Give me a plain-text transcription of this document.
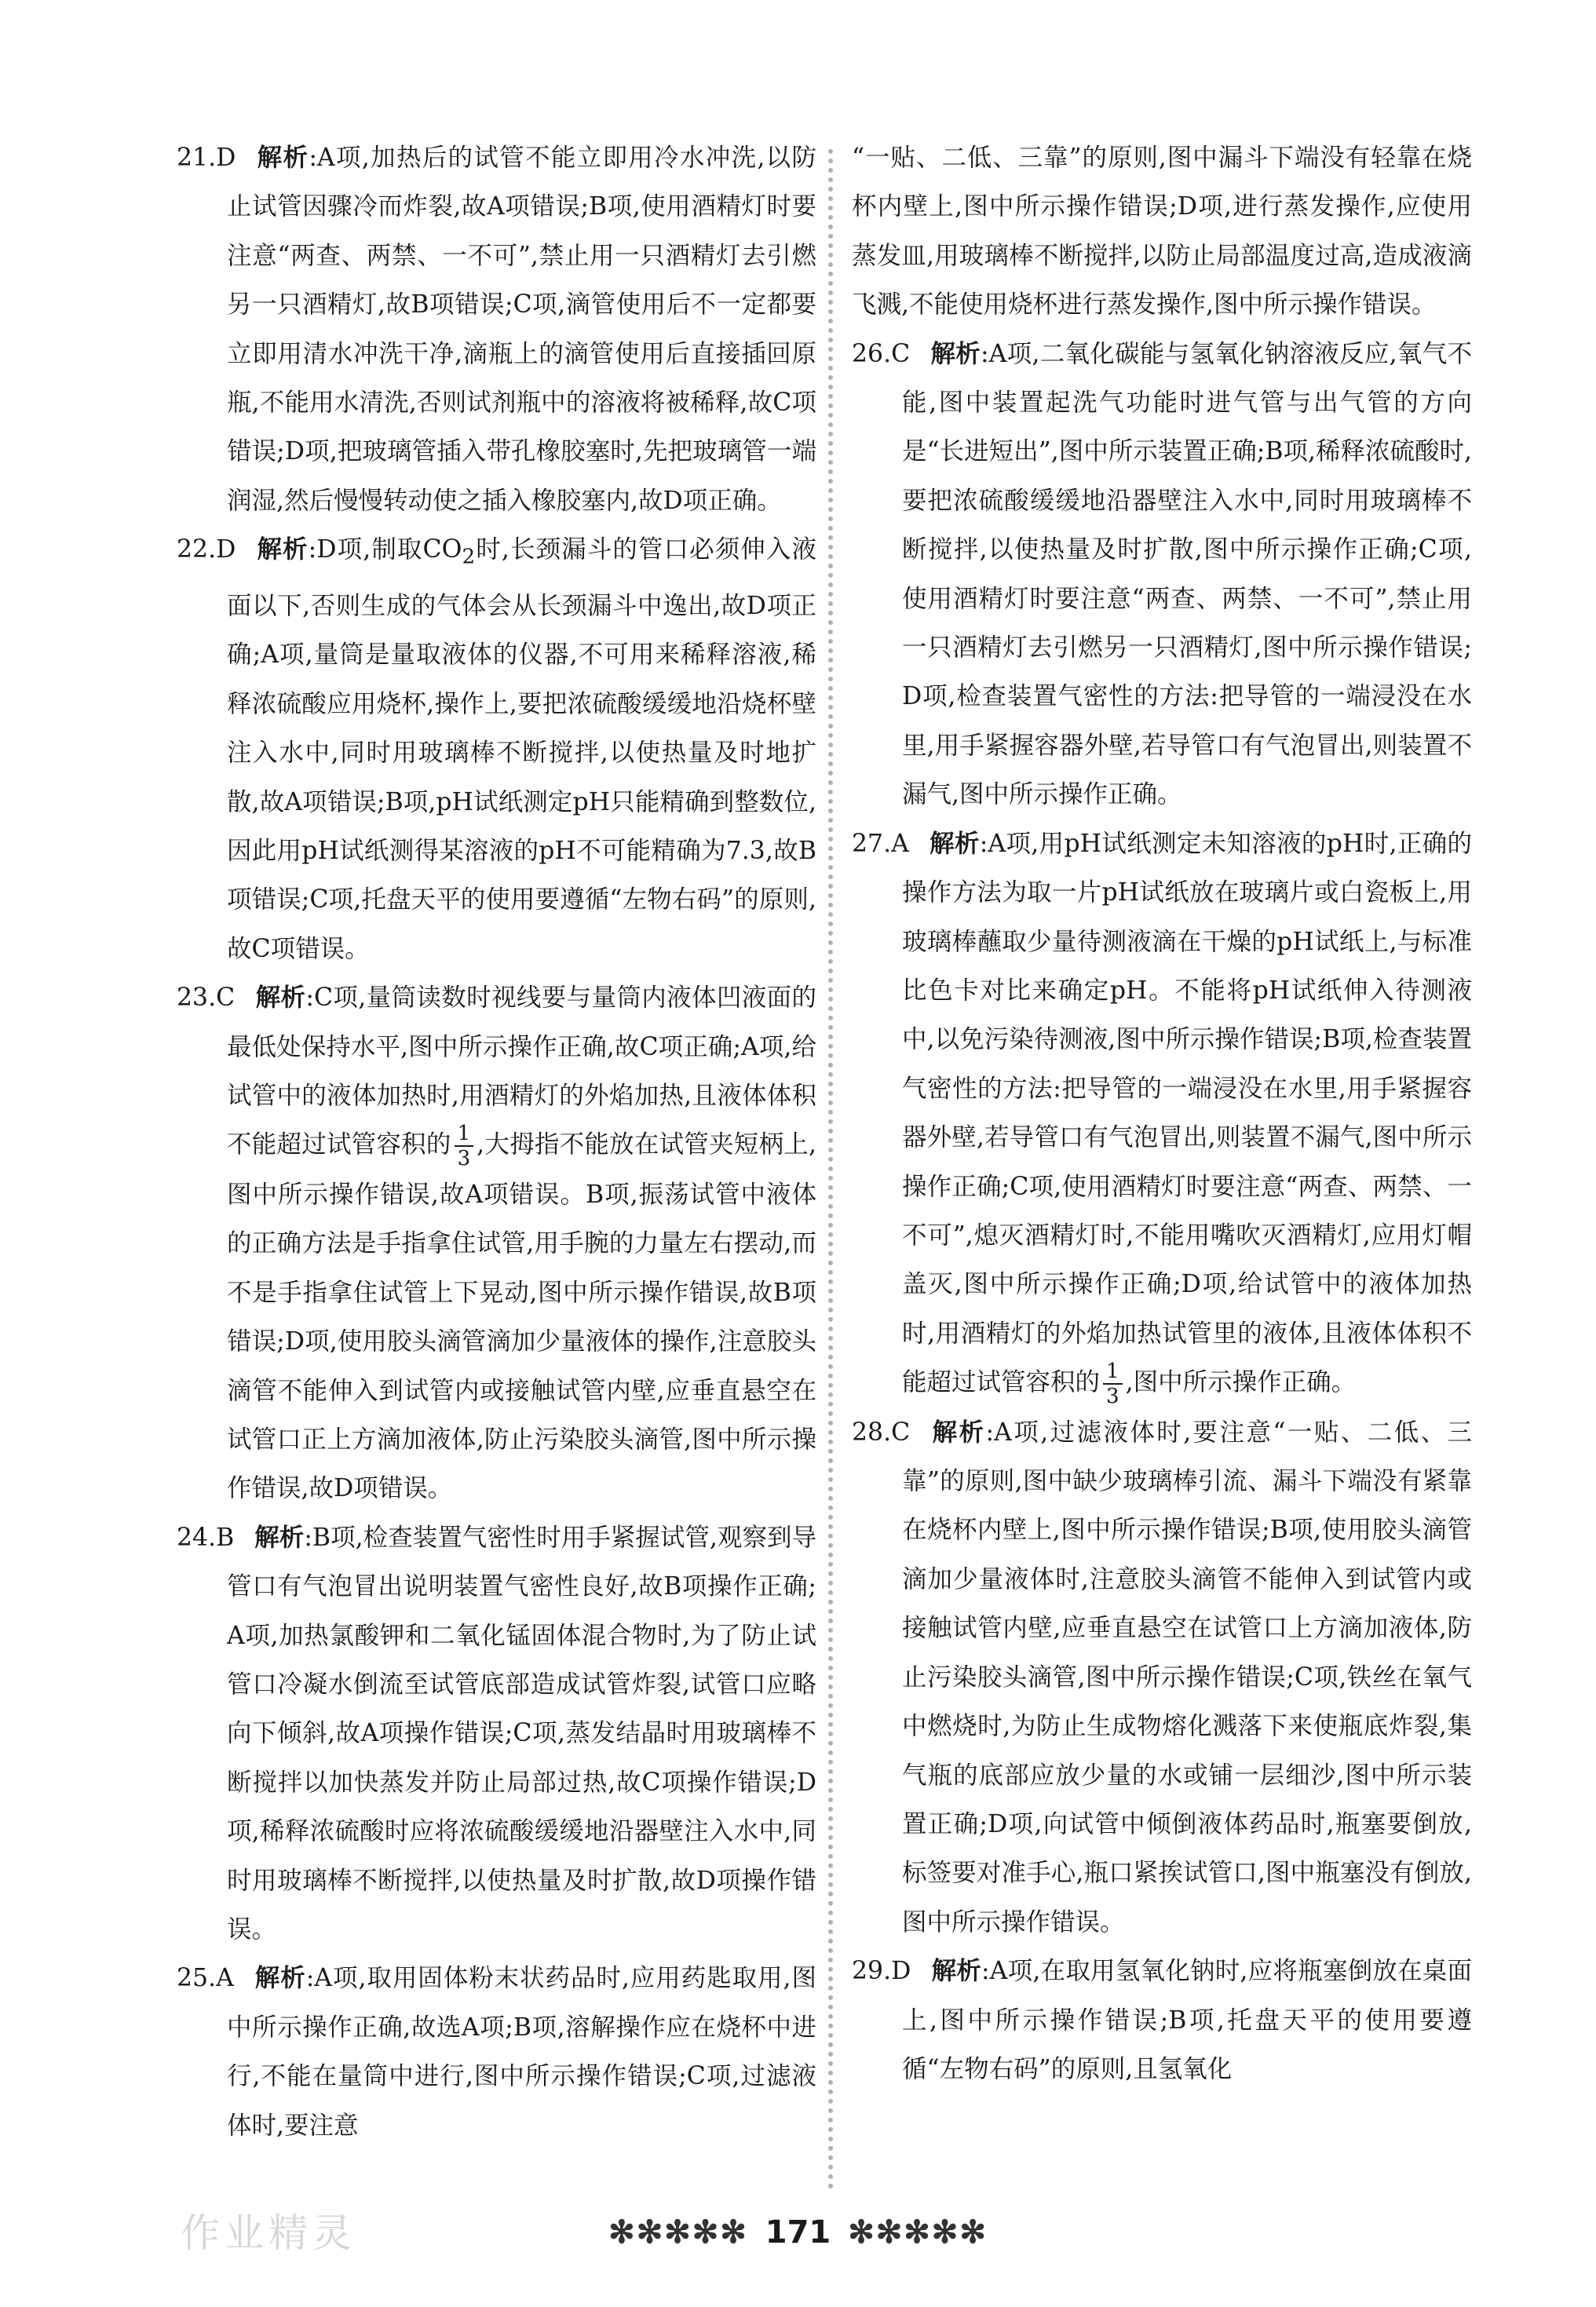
21.D 解析:A项,加热后的试管不能立即用冷水冲洗,以防止试管因骤冷而炸裂,故A项错误;B项,使用酒精灯时要注意“两查、两禁、一不可”,禁止用一只酒精灯去引燃另一只酒精灯,故B项错误;C项,滴管使用后不一定都要立即用清水冲洗干净,滴瓶上的滴管使用后直接插回原瓶,不能用水清洗,否则试剂瓶中的溶液将被稀释,故C项错误;D项,把玻璃管插入带孔橡胶塞时,先把玻璃管一端润湿,然后慢慢转动使之插入橡胶塞内,故D项正确。

22.D 解析:D项,制取$CO_2$时,长颈漏斗的管口必须伸入液面以下,否则生成的气体会从长颈漏斗中逸出,故D项正确;A项,量筒是量取液体的仪器,不可用来稀释溶液,稀释浓硫酸应用烧杯,操作上,要把浓硫酸缓缓地沿烧杯壁注入水中,同时用玻璃棒不断搅拌,以使热量及时地扩散,故A项错误;B项,pH试纸测定pH只能精确到整数位,因此用pH试纸测得某溶液的pH不可能精确为7.3,故B项错误;C项,托盘天平的使用要遵循“左物右码”的原则,故C项错误。

23.C 解析:C项,量筒读数时视线要与量筒内液体凹液面的最低处保持水平,图中所示操作正确,故C项正确;A项,给试管中的液体加热时,用酒精灯的外焰加热,且液体体积不能超过试管容积的 $\frac{1}{3}$ ,大拇指不能放在试管夹短柄上,图中所示操作错误,故A项错误。B项,振荡试管中液体的正确方法是手指拿住试管,用手腕的力量左右摆动,而不是手指拿住试管上下晃动,图中所示操作错误,故B项错误;D项,使用胶头滴管滴加少量液体的操作,注意胶头滴管不能伸入到试管内或接触试管内壁,应垂直悬空在试管口正上方滴加液体,防止污染胶头滴管,图中所示操作错误,故D项错误。

24.B 解析:B项,检查装置气密性时用手紧握试管,观察到导管口有气泡冒出说明装置气密性良好,故B项操作正确;A项,加热氯酸钾和二氧化锰固体混合物时,为了防止试管口冷凝水倒流至试管底部造成试管炸裂,试管口应略向下倾斜,故A项操作错误;C项,蒸发结晶时用玻璃棒不断搅拌以加快蒸发并防止局部过热,故C项操作错误;D项,稀释浓硫酸时应将浓硫酸缓缓地沿器壁注入水中,同时用玻璃棒不断搅拌,以使热量及时扩散,故D项操作错误。

25.A 解析:A项,取用固体粉末状药品时,应用药匙取用,图中所示操作正确,故选A项;B项,溶解操作应在烧杯中进行,不能在量筒中进行,图中所示操作错误;C项,过滤液体时,要注意

“一贴、二低、三靠”的原则,图中漏斗下端没有轻靠在烧杯内壁上,图中所示操作错误;D项,进行蒸发操作,应使用蒸发皿,用玻璃棒不断搅拌,以防止局部温度过高,造成液滴飞溅,不能使用烧杯进行蒸发操作,图中所示操作错误。

26.C 解析:A项,二氧化碳能与氢氧化钠溶液反应,氧气不能,图中装置起洗气功能时进气管与出气管的方向是“长进短出”,图中所示装置正确;B项,稀释浓硫酸时,要把浓硫酸缓缓地沿器壁注入水中,同时用玻璃棒不断搅拌,以使热量及时扩散,图中所示操作正确;C项,使用酒精灯时要注意“两查、两禁、一不可”,禁止用一只酒精灯去引燃另一只酒精灯,图中所示操作错误;D项,检查装置气密性的方法:把导管的一端浸没在水里,用手紧握容器外壁,若导管口有气泡冒出,则装置不漏气,图中所示操作正确。

27.A 解析:A项,用pH试纸测定未知溶液的pH时,正确的操作方法为取一片pH试纸放在玻璃片或白瓷板上,用玻璃棒蘸取少量待测液滴在干燥的pH试纸上,与标准比色卡对比来确定pH。不能将pH试纸伸入待测液中,以免污染待测液,图中所示操作错误;B项,检查装置气密性的方法:把导管的一端浸没在水里,用手紧握容器外壁,若导管口有气泡冒出,则装置不漏气,图中所示操作正确;C项,使用酒精灯时要注意“两查、两禁、一不可”,熄灭酒精灯时,不能用嘴吹灭酒精灯,应用灯帽盖灭,图中所示操作正确;D项,给试管中的液体加热时,用酒精灯的外焰加热试管里的液体,且液体体积不能超过试管容积的 $\frac{1}{3}$ ,图中所示操作正确。

28.C 解析:A项,过滤液体时,要注意“一贴、二低、三靠”的原则,图中缺少玻璃棒引流、漏斗下端没有紧靠在烧杯内壁上,图中所示操作错误;B项,使用胶头滴管滴加少量液体时,注意胶头滴管不能伸入到试管内或接触试管内壁,应垂直悬空在试管口上方滴加液体,防止污染胶头滴管,图中所示操作错误;C项,铁丝在氧气中燃烧时,为防止生成物熔化溅落下来使瓶底炸裂,集气瓶的底部应放少量的水或铺一层细沙,图中所示装置正确;D项,向试管中倾倒液体药品时,瓶塞要倒放,标签要对准手心,瓶口紧挨试管口,图中瓶塞没有倒放,图中所示操作错误。

29.D 解析:A项,在取用氢氧化钠时,应将瓶塞倒放在桌面上,图中所示操作错误;B项,托盘天平的使用要遵循“左物右码”的原则,且氢氧化

作业精灵	✻✻✻✻✻ 171 ✻✻✻✻✻
